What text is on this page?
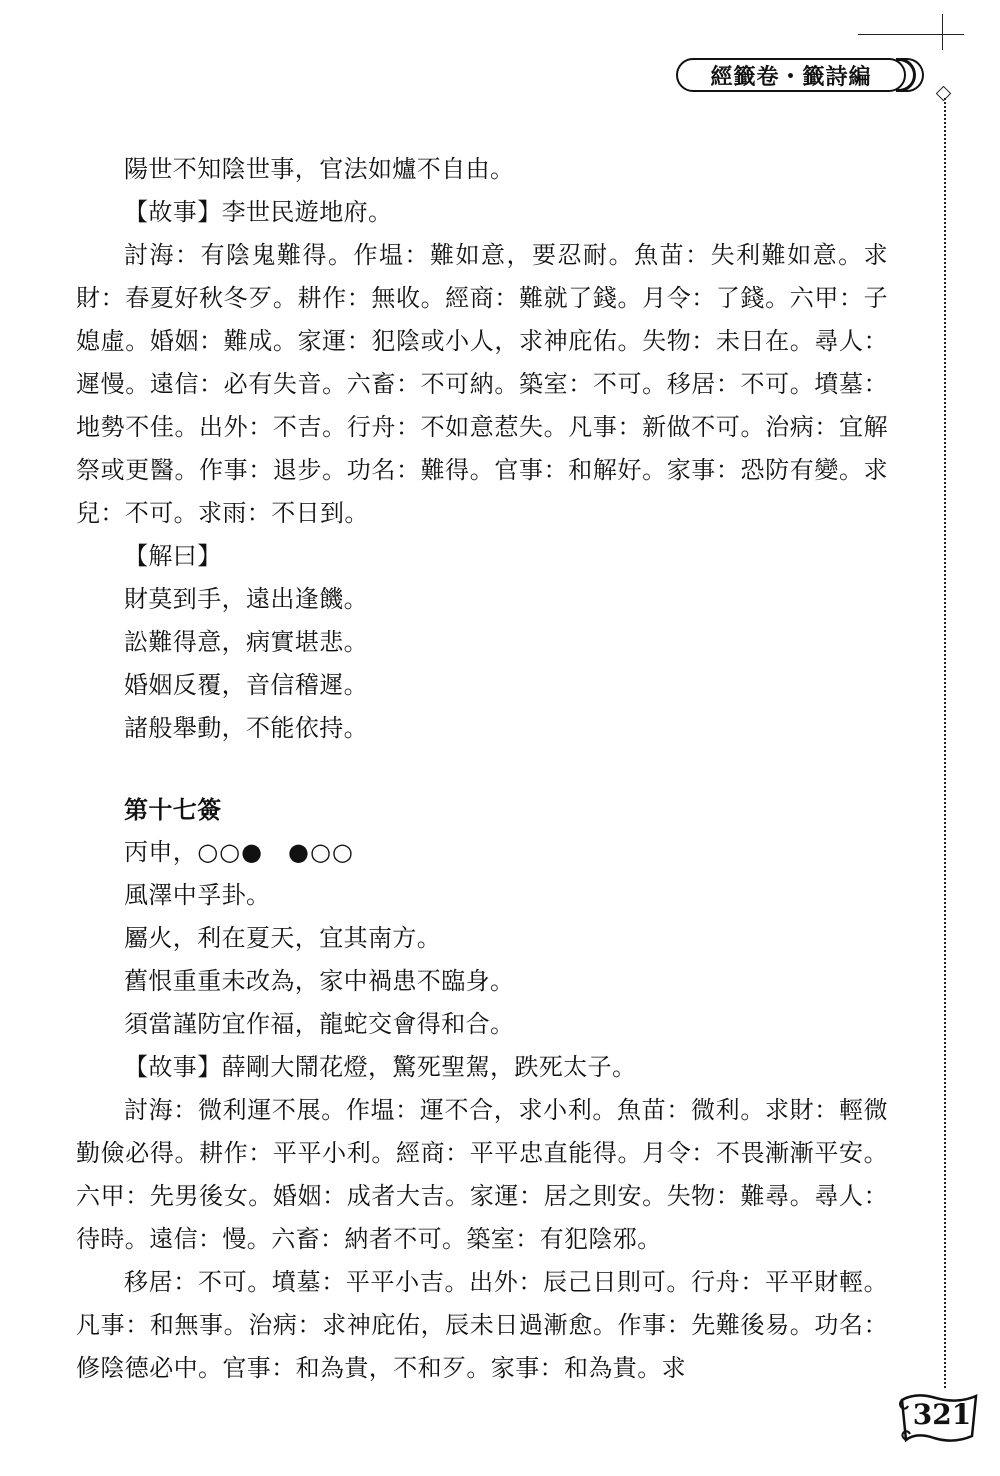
經籤卷・籤詩編
321

陽世不知陰世事，官法如爐不自由。

【故事】李世民遊地府。

討海：有陰鬼難得。作塭：難如意，要忍耐。魚苗：失利難如意。求財：春夏好秋冬歹。耕作：無收。經商：難就了錢。月令：了錢。六甲：子媳虛。婚姻：難成。家運：犯陰或小人，求神庇佑。失物：未日在。尋人：遲慢。遠信：必有失音。六畜：不可納。築室：不可。移居：不可。墳墓：地勢不佳。出外：不吉。行舟：不如意惹失。凡事：新做不可。治病：宜解祭或更醫。作事：退步。功名：難得。官事：和解好。家事：恐防有變。求兒：不可。求雨：不日到。

【解曰】

財莫到手，遠出逢饑。

訟難得意，病實堪悲。

婚姻反覆，音信稽遲。

諸般舉動，不能依持。

第十七簽

丙申，○○●　●○○

風澤中孚卦。

屬火，利在夏天，宜其南方。

舊恨重重未改為，家中禍患不臨身。

須當謹防宜作福，龍蛇交會得和合。

【故事】薛剛大鬧花燈，驚死聖駕，跌死太子。

討海：微利運不展。作塭：運不合，求小利。魚苗：微利。求財：輕微勤儉必得。耕作：平平小利。經商：平平忠直能得。月令：不畏漸漸平安。六甲：先男後女。婚姻：成者大吉。家運：居之則安。失物：難尋。尋人：待時。遠信：慢。六畜：納者不可。築室：有犯陰邪。

移居：不可。墳墓：平平小吉。出外：辰己日則可。行舟：平平財輕。凡事：和無事。治病：求神庇佑，辰未日過漸愈。作事：先難後易。功名：修陰德必中。官事：和為貴，不和歹。家事：和為貴。求
